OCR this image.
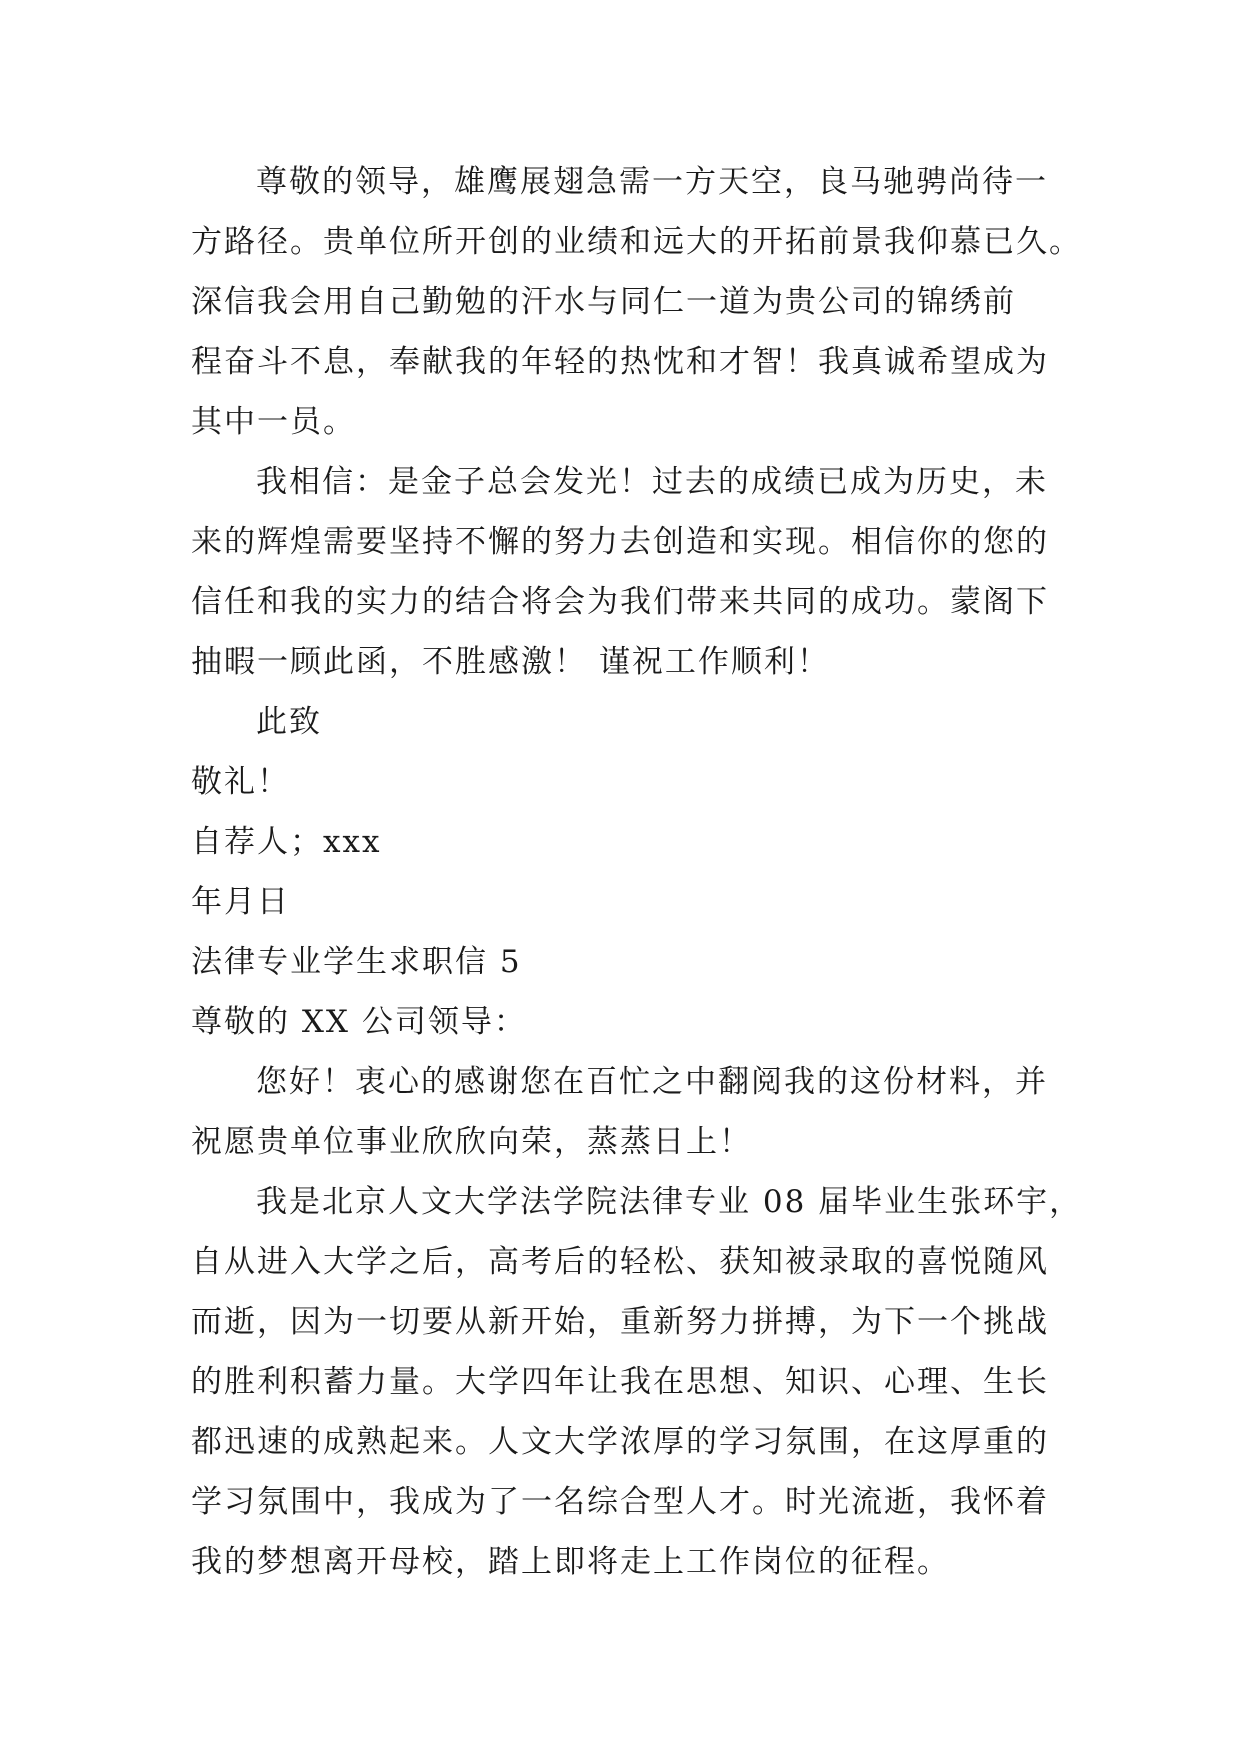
尊敬的领导，雄鹰展翅急需一方天空，良马驰骋尚待一
方路径。贵单位所开创的业绩和远大的开拓前景我仰慕已久。
深信我会用自己勤勉的汗水与同仁一道为贵公司的锦绣前
程奋斗不息，奉献我的年轻的热忱和才智！我真诚希望成为
其中一员。
我相信：是金子总会发光！过去的成绩已成为历史，未
来的辉煌需要坚持不懈的努力去创造和实现。相信你的您的
信任和我的实力的结合将会为我们带来共同的成功。蒙阁下
抽暇一顾此函，不胜感激！ 谨祝工作顺利！
此致
敬礼！
自荐人；xxx
年月日
法律专业学生求职信 5
尊敬的 XX 公司领导：
您好！衷心的感谢您在百忙之中翻阅我的这份材料，并
祝愿贵单位事业欣欣向荣，蒸蒸日上！
我是北京人文大学法学院法律专业 08 届毕业生张环宇，
自从进入大学之后，高考后的轻松、获知被录取的喜悦随风
而逝，因为一切要从新开始，重新努力拼搏，为下一个挑战
的胜利积蓄力量。大学四年让我在思想、知识、心理、生长
都迅速的成熟起来。人文大学浓厚的学习氛围，在这厚重的
学习氛围中，我成为了一名综合型人才。时光流逝，我怀着
我的梦想离开母校，踏上即将走上工作岗位的征程。
